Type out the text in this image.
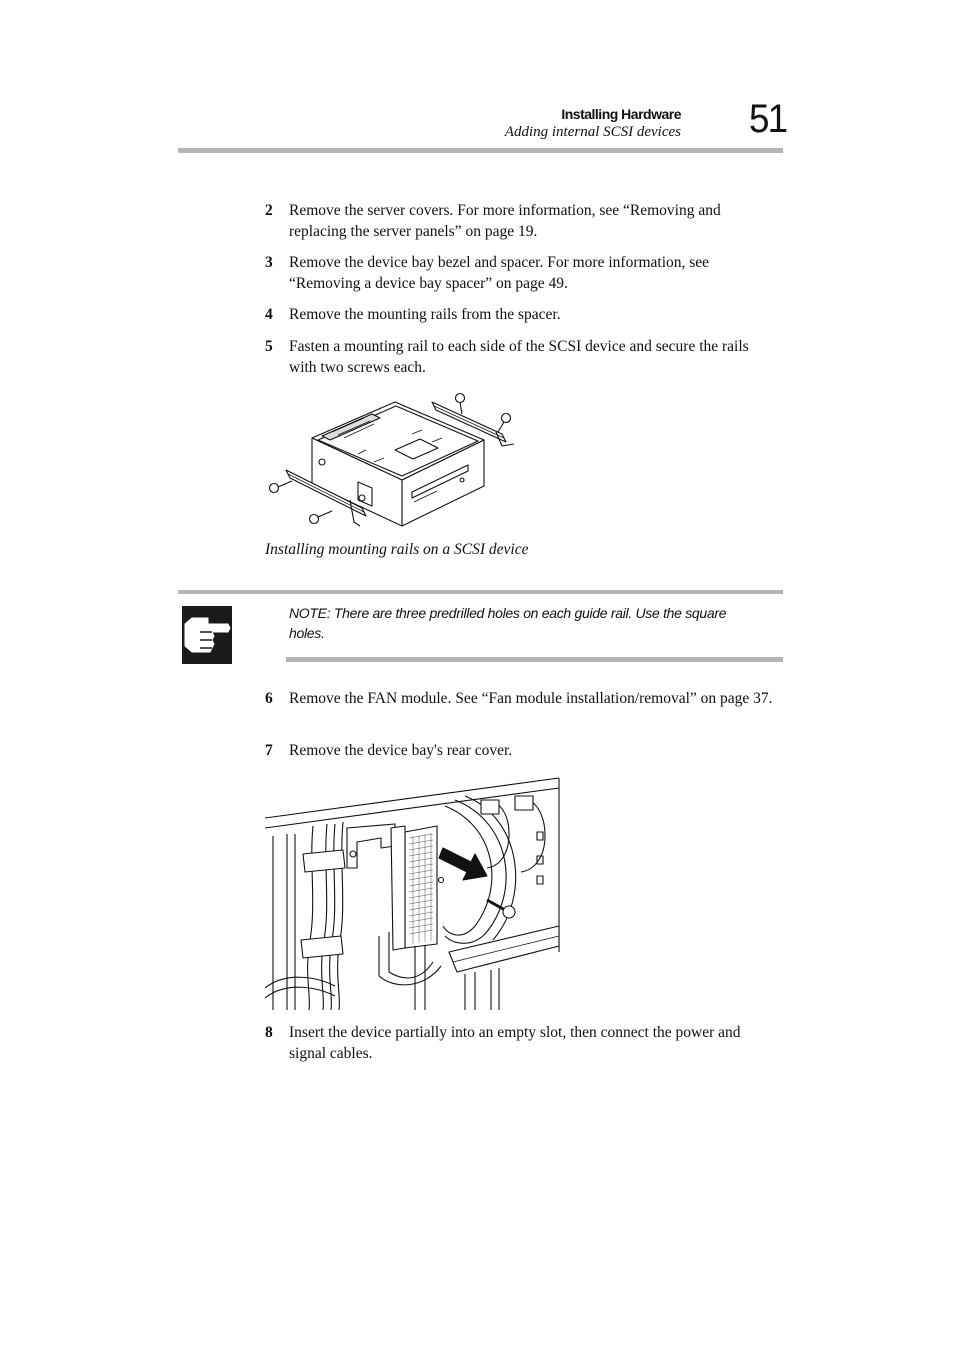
Installing Hardware
Adding internal SCSI devices 51
2	Remove the server covers. For more information, see “Removing and replacing the server panels” on page 19.
3	Remove the device bay bezel and spacer. For more information, see “Removing a device bay spacer” on page 49.
4	Remove the mounting rails from the spacer.
5	Fasten a mounting rail to each side of the SCSI device and secure the rails with two screws each.
Installing mounting rails on a SCSI device
NOTE: There are three predrilled holes on each guide rail. Use the square holes.
6	Remove the FAN module. See “Fan module installation/removal” on page 37.
7	Remove the device bay's rear cover.
8	Insert the device partially into an empty slot, then connect the power and signal cables.
